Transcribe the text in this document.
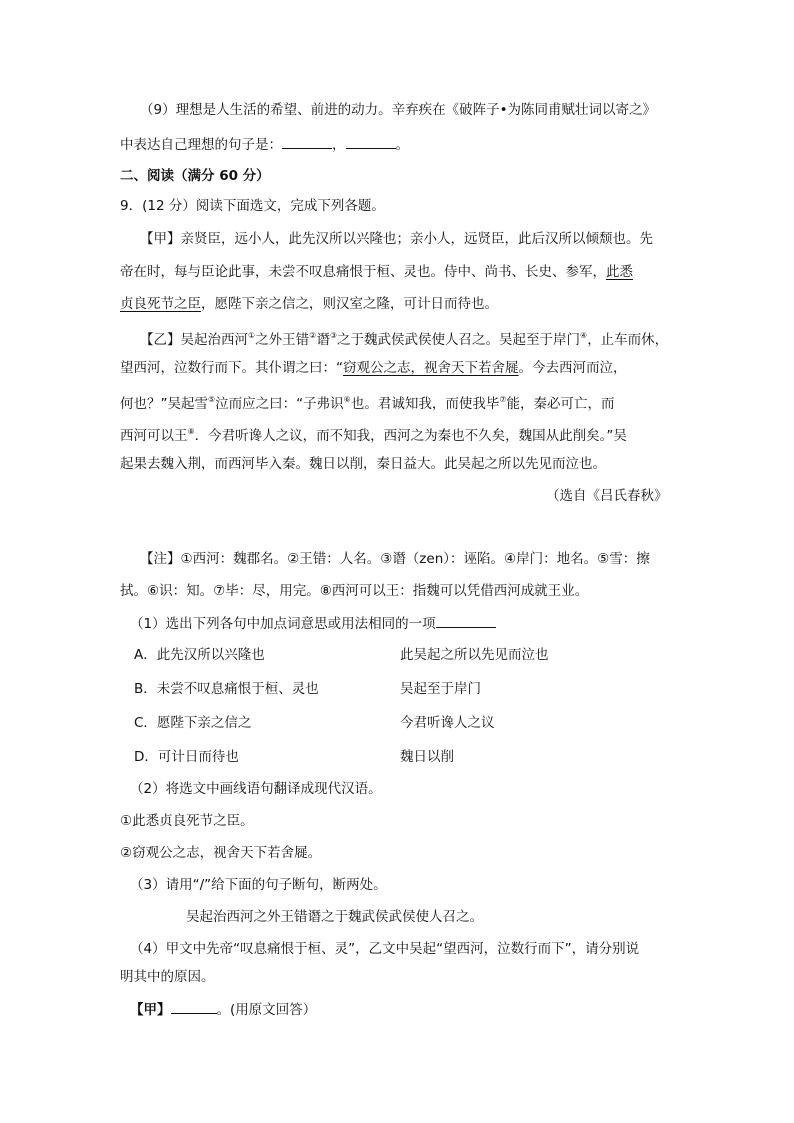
（9）理想是人生活的希望、前进的动力。辛弃疾在《破阵子•为陈同甫赋壮词以寄之》
中表达自己理想的句子是：	，	。
二、阅读（满分 60 分）
9．(12 分）阅读下面选文，完成下列各题。
【甲】亲贤臣，远小人，此先汉所以兴隆也；亲小人，远贤臣，此后汉所以倾颓也。先
帝在时，每与臣论此事，未尝不叹息痛恨于桓、灵也。侍中、尚书、长史、参军，此悉
贞良死节之臣，愿陛下亲之信之，则汉室之隆，可计日而待也。
【乙】吴起治西河①之外王错②谮③之于魏武侯武侯使人召之。吴起至于岸门④，止车而休，
望西河，泣数行而下。其仆谓之曰：“窃观公之志，视舍天下若舍屣。今去西河而泣，
何也？”吴起雪⑤泣而应之曰：“子弗识⑥也。君诚知我，而使我毕⑦能，秦必可亡，而
西河可以王⑧．今君听谗人之议，而不知我，西河之为秦也不久矣，魏国从此削矣。”吴
起果去魏入荆，而西河毕入秦。魏日以削，秦日益大。此吴起之所以先见而泣也。
（选自《吕氏春秋》
【注】①西河：魏郡名。②王错：人名。③谮（zen）：诬陷。④岸门：地名。⑤雪：擦
拭。⑥识：知。⑦毕：尽，用完。⑧西河可以王：指魏可以凭借西河成就王业。
（1）选出下列各句中加点词意思或用法相同的一项
A．此先汉所以兴隆也	此吴起之所以先见而泣也
B．未尝不叹息痛恨于桓、灵也	吴起至于岸门
C．愿陛下亲之信之	今君听谗人之议
D．可计日而待也	魏日以削
（2）将选文中画线语句翻译成现代汉语。
①此悉贞良死节之臣。
②窃观公之志，视舍天下若舍屣。
（3）请用“/”给下面的句子断句，断两处。
吴起治西河之外王错谮之于魏武侯武侯使人召之。
（4）甲文中先帝“叹息痛恨于桓、灵”，乙文中吴起“望西河，泣数行而下”，请分别说
明其中的原因。
【甲】	。(用原文回答）
